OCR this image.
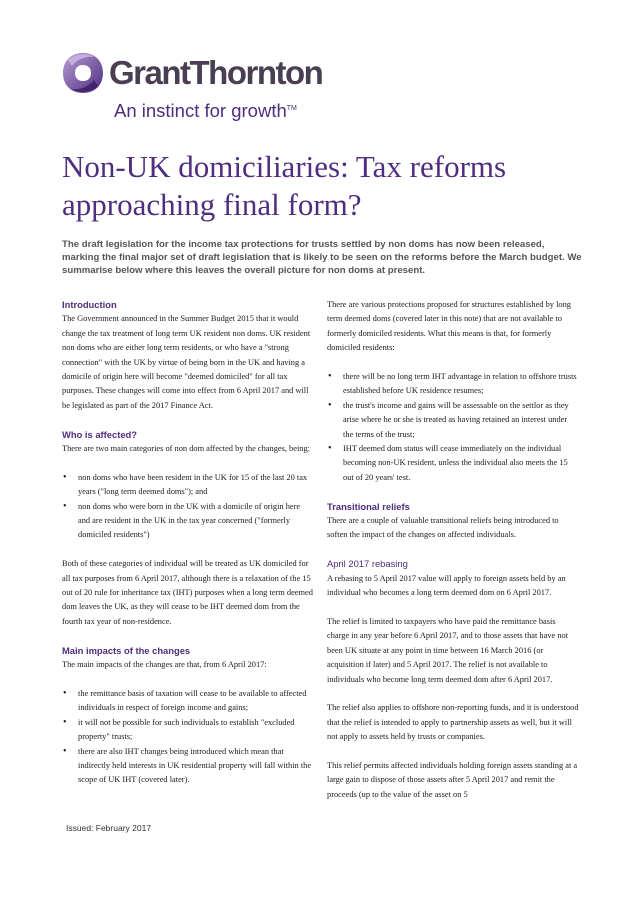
GrantThornton
An instinct for growth™
Non-UK domiciliaries: Tax reforms approaching final form?

The draft legislation for the income tax protections for trusts settled by non doms has now been released, marking the final major set of draft legislation that is likely to be seen on the reforms before the March budget. We summarise below where this leaves the overall picture for non doms at present.

Introduction

The Government announced in the Summer Budget 2015 that it would change the tax treatment of long term UK resident non doms. UK resident non doms who are either long term residents, or who have a "strong connection" with the UK by virtue of being born in the UK and having a domicile of origin here will become "deemed domiciled" for all tax purposes. These changes will come into effect from 6 April 2017 and will be legislated as part of the 2017 Finance Act.

Who is affected?

There are two main categories of non dom affected by the changes, being:

• non doms who have been resident in the UK for 15 of the last 20 tax years ("long term deemed doms"); and
• non doms who were born in the UK with a domicile of origin here and are resident in the UK in the tax year concerned ("formerly domiciled residents")

Both of these categories of individual will be treated as UK domiciled for all tax purposes from 6 April 2017, although there is a relaxation of the 15 out of 20 rule for inheritance tax (IHT) purposes when a long term deemed dom leaves the UK, as they will cease to be IHT deemed dom from the fourth tax year of non-residence.

Main impacts of the changes

The main impacts of the changes are that, from 6 April 2017:

• the remittance basis of taxation will cease to be available to affected individuals in respect of foreign income and gains;
• it will not be possible for such individuals to establish "excluded property" trusts;
• there are also IHT changes being introduced which mean that indirectly held interests in UK residential property will fall within the scope of UK IHT (covered later).

There are various protections proposed for structures established by long term deemed doms (covered later in this note) that are not available to formerly domiciled residents. What this means is that, for formerly domiciled residents:

• there will be no long term IHT advantage in relation to offshore trusts established before UK residence resumes;
• the trust's income and gains will be assessable on the settlor as they arise where he or she is treated as having retained an interest under the terms of the trust;
• IHT deemed dom status will cease immediately on the individual becoming non-UK resident, unless the individual also meets the 15 out of 20 years' test.
Transitional reliefs

There are a couple of valuable transitional reliefs being introduced to soften the impact of the changes on affected individuals.

April 2017 rebasing

A rebasing to 5 April 2017 value will apply to foreign assets held by an individual who becomes a long term deemed dom on 6 April 2017.

The relief is limited to taxpayers who have paid the remittance basis charge in any year before 6 April 2017, and to those assets that have not been UK situate at any point in time between 16 March 2016 (or acquisition if later) and 5 April 2017. The relief is not available to individuals who become long term deemed dom after 6 April 2017.

The relief also applies to offshore non-reporting funds, and it is understood that the relief is intended to apply to partnership assets as well, but it will not apply to assets held by trusts or companies.

This relief permits affected individuals holding foreign assets standing at a large gain to dispose of those assets after 5 April 2017 and remit the proceeds (up to the value of the asset on 5

Issued: February 2017
